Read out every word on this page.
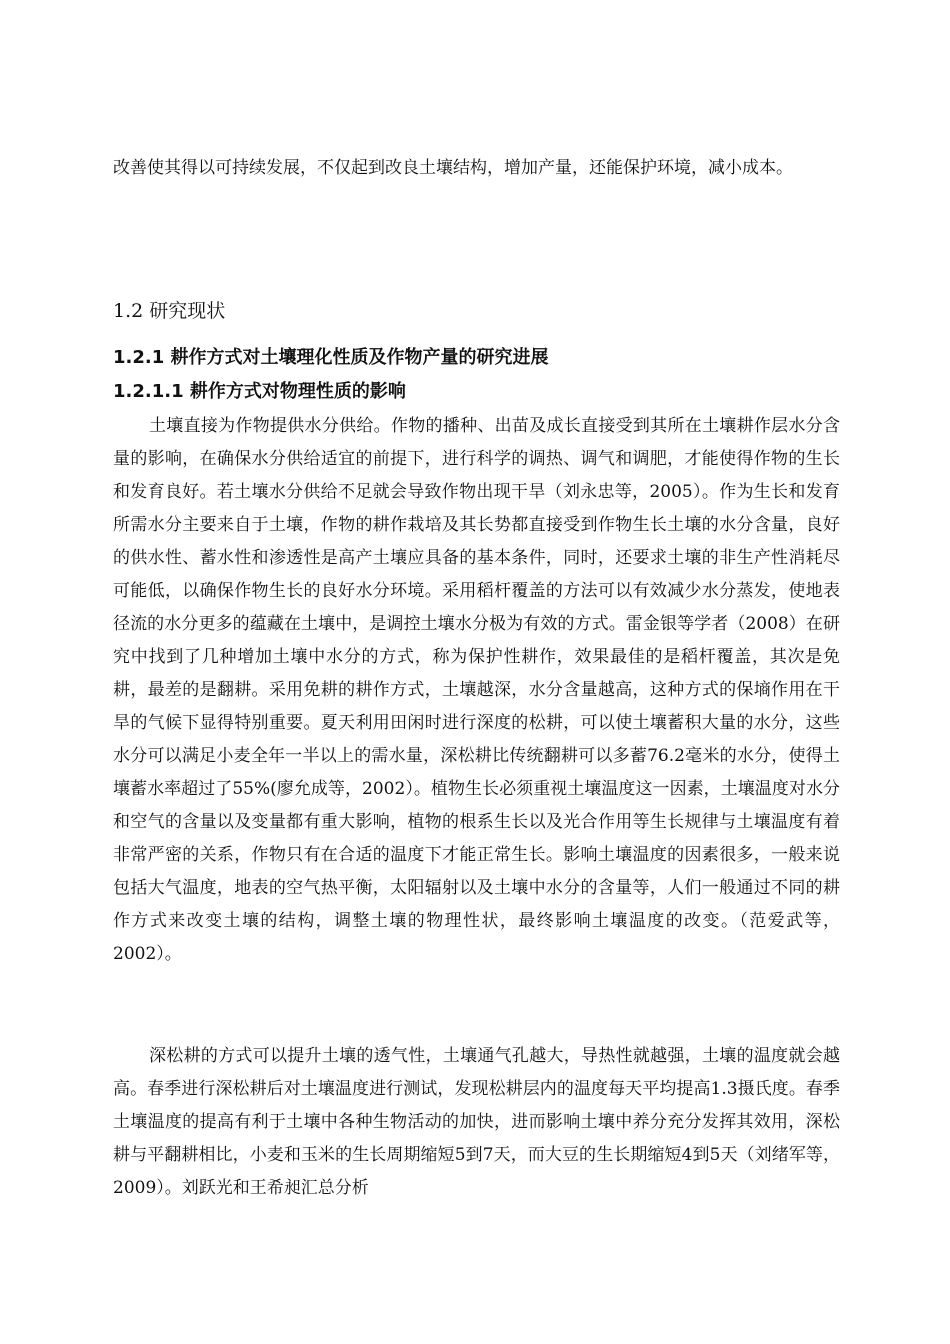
改善使其得以可持续发展，不仅起到改良土壤结构，增加产量，还能保护环境，减小成本。

1.2 研究现状
1.2.1 耕作方式对土壤理化性质及作物产量的研究进展
1.2.1.1 耕作方式对物理性质的影响

土壤直接为作物提供水分供给。作物的播种、出苗及成长直接受到其所在土壤耕作层水分含量的影响，在确保水分供给适宜的前提下，进行科学的调热、调气和调肥，才能使得作物的生长和发育良好。若土壤水分供给不足就会导致作物出现干旱（刘永忠等，2005）。作为生长和发育所需水分主要来自于土壤，作物的耕作栽培及其长势都直接受到作物生长土壤的水分含量，良好的供水性、蓄水性和渗透性是高产土壤应具备的基本条件，同时，还要求土壤的非生产性消耗尽可能低，以确保作物生长的良好水分环境。采用稻杆覆盖的方法可以有效减少水分蒸发，使地表径流的水分更多的蕴藏在土壤中，是调控土壤水分极为有效的方式。雷金银等学者（2008）在研究中找到了几种增加土壤中水分的方式，称为保护性耕作，效果最佳的是稻杆覆盖，其次是免耕，最差的是翻耕。采用免耕的耕作方式，土壤越深，水分含量越高，这种方式的保墒作用在干旱的气候下显得特别重要。夏天利用田闲时进行深度的松耕，可以使土壤蓄积大量的水分，这些水分可以满足小麦全年一半以上的需水量，深松耕比传统翻耕可以多蓄76.2毫米的水分，使得土壤蓄水率超过了55%(廖允成等，2002）。植物生长必须重视土壤温度这一因素，土壤温度对水分和空气的含量以及变量都有重大影响，植物的根系生长以及光合作用等生长规律与土壤温度有着非常严密的关系，作物只有在合适的温度下才能正常生长。影响土壤温度的因素很多，一般来说包括大气温度，地表的空气热平衡，太阳辐射以及土壤中水分的含量等，人们一般通过不同的耕作方式来改变土壤的结构，调整土壤的物理性状，最终影响土壤温度的改变。（范爱武等，2002）。

深松耕的方式可以提升土壤的透气性，土壤通气孔越大，导热性就越强，土壤的温度就会越高。春季进行深松耕后对土壤温度进行测试，发现松耕层内的温度每天平均提高1.3摄氏度。春季土壤温度的提高有利于土壤中各种生物活动的加快，进而影响土壤中养分充分发挥其效用，深松耕与平翻耕相比，小麦和玉米的生长周期缩短5到7天，而大豆的生长期缩短4到5天（刘绪军等，2009）。刘跃光和王希昶汇总分析
